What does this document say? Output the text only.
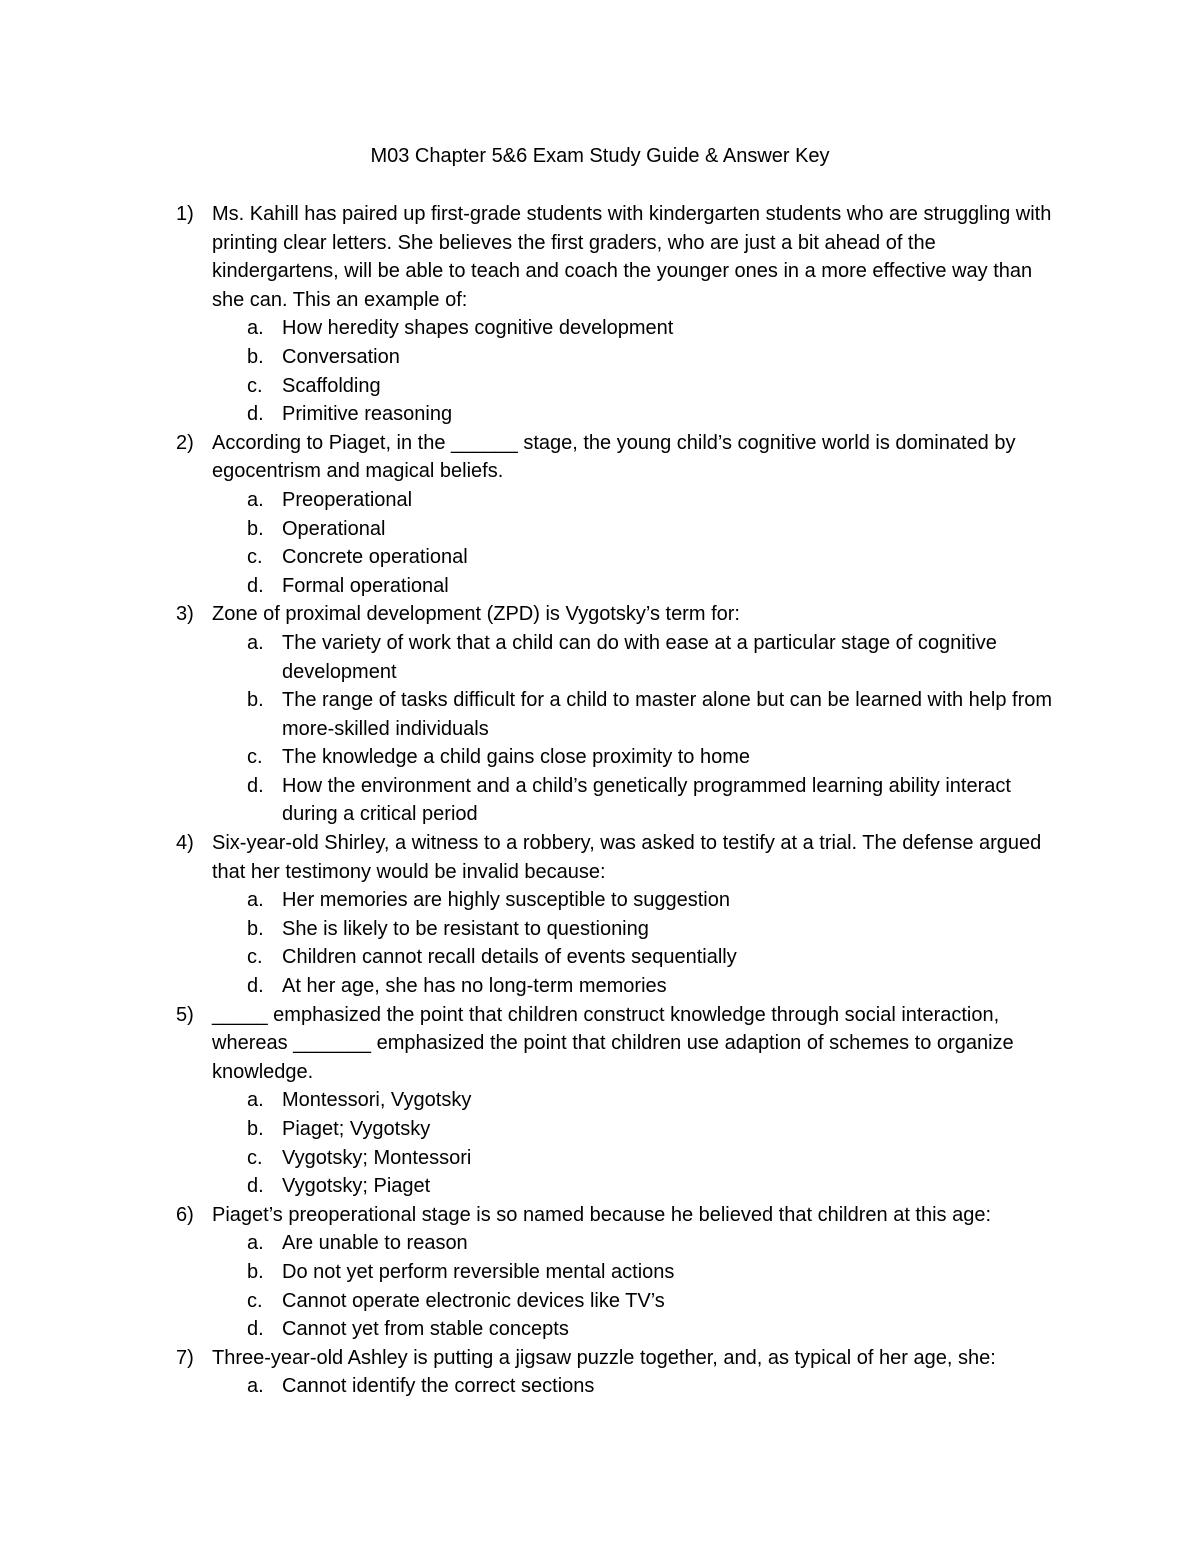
M03 Chapter 5&6 Exam Study Guide & Answer Key
1) Ms. Kahill has paired up first-grade students with kindergarten students who are struggling with printing clear letters. She believes the first graders, who are just a bit ahead of the kindergartens, will be able to teach and coach the younger ones in a more effective way than she can. This an example of:
a. How heredity shapes cognitive development
b. Conversation
c. Scaffolding
d. Primitive reasoning
2) According to Piaget, in the ______ stage, the young child’s cognitive world is dominated by egocentrism and magical beliefs.
a. Preoperational
b. Operational
c. Concrete operational
d. Formal operational
3) Zone of proximal development (ZPD) is Vygotsky’s term for:
a. The variety of work that a child can do with ease at a particular stage of cognitive development
b. The range of tasks difficult for a child to master alone but can be learned with help from more-skilled individuals
c. The knowledge a child gains close proximity to home
d. How the environment and a child’s genetically programmed learning ability interact during a critical period
4) Six-year-old Shirley, a witness to a robbery, was asked to testify at a trial. The defense argued that her testimony would be invalid because:
a. Her memories are highly susceptible to suggestion
b. She is likely to be resistant to questioning
c. Children cannot recall details of events sequentially
d. At her age, she has no long-term memories
5) _____ emphasized the point that children construct knowledge through social interaction, whereas _______ emphasized the point that children use adaption of schemes to organize knowledge.
a. Montessori, Vygotsky
b. Piaget; Vygotsky
c. Vygotsky; Montessori
d. Vygotsky; Piaget
6) Piaget’s preoperational stage is so named because he believed that children at this age:
a. Are unable to reason
b. Do not yet perform reversible mental actions
c. Cannot operate electronic devices like TV’s
d. Cannot yet from stable concepts
7) Three-year-old Ashley is putting a jigsaw puzzle together, and, as typical of her age, she:
a. Cannot identify the correct sections
